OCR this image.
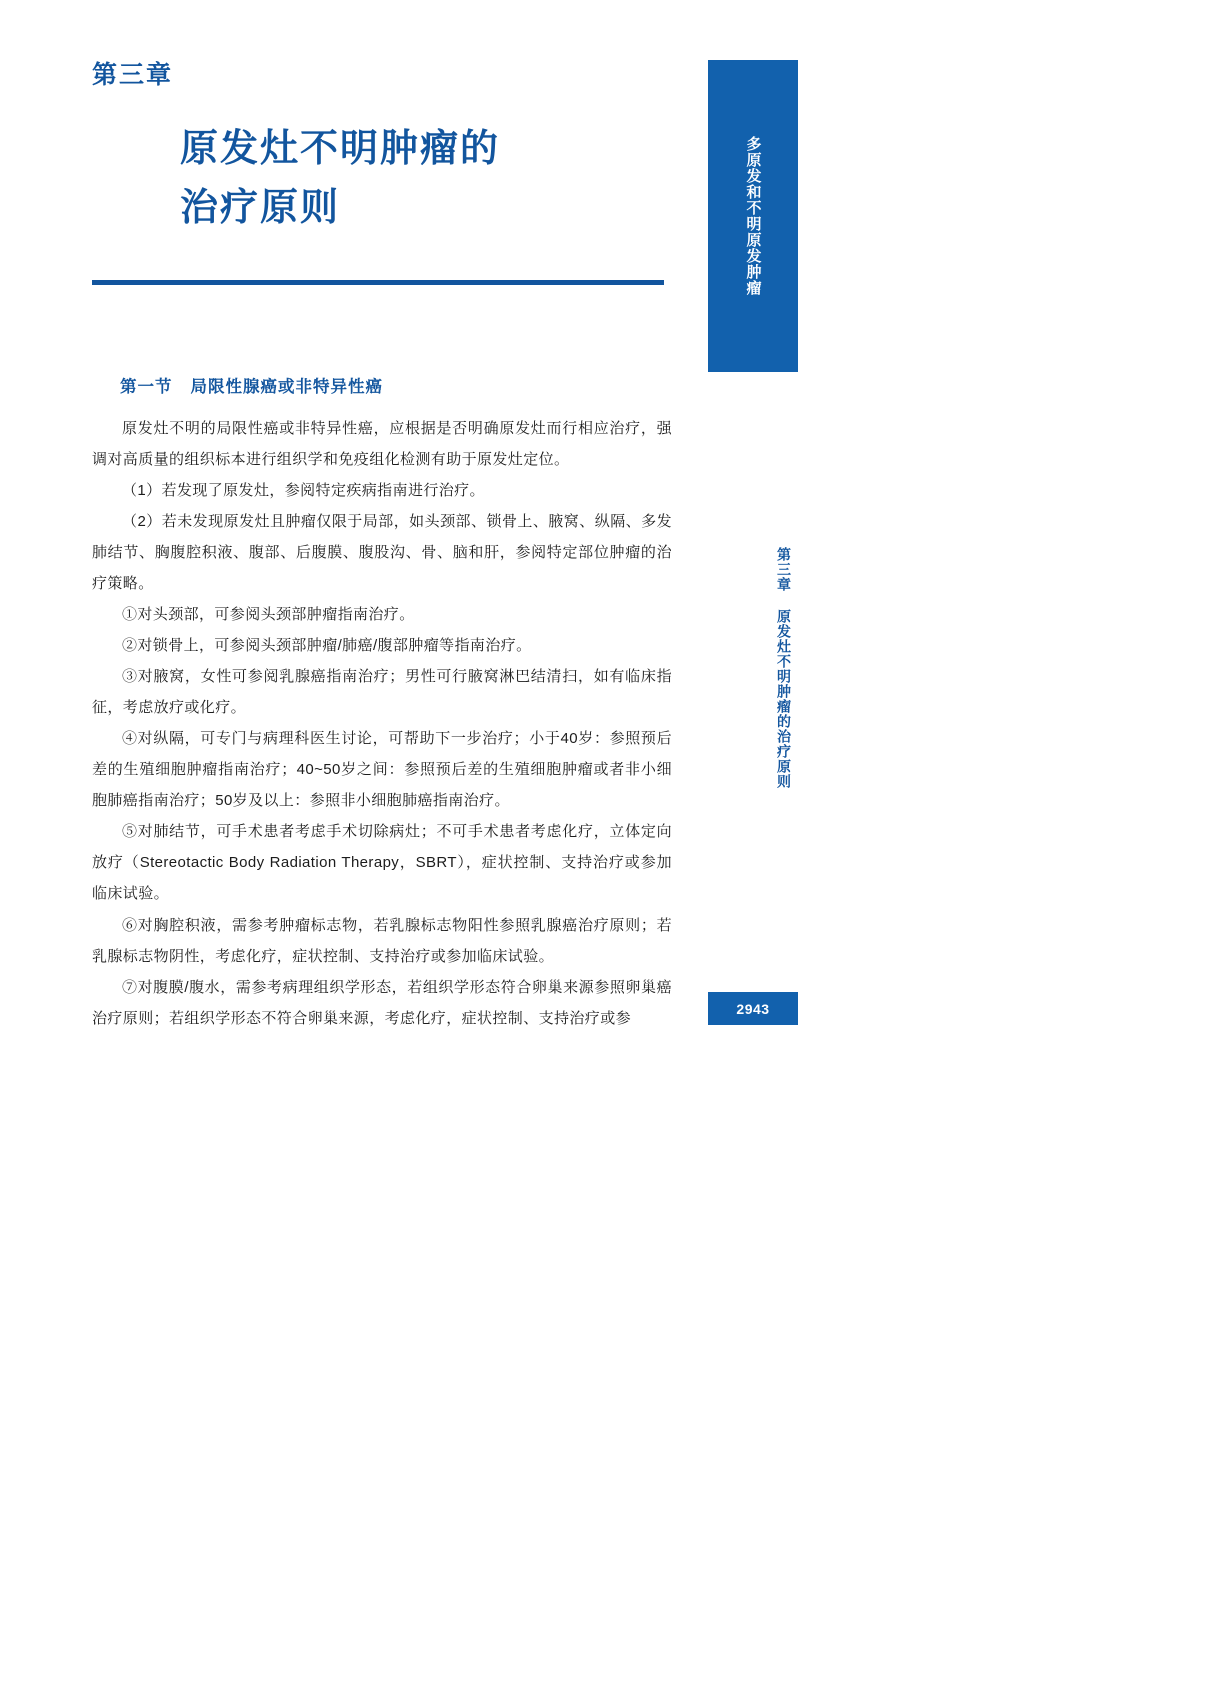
第三章
原发灶不明肿瘤的
治疗原则
第一节 局限性腺癌或非特异性癌

原发灶不明的局限性癌或非特异性癌，应根据是否明确原发灶而行相应治疗，强调对高质量的组织标本进行组织学和免疫组化检测有助于原发灶定位。

（1）若发现了原发灶，参阅特定疾病指南进行治疗。

（2）若未发现原发灶且肿瘤仅限于局部，如头颈部、锁骨上、腋窝、纵隔、多发肺结节、胸腹腔积液、腹部、后腹膜、腹股沟、骨、脑和肝，参阅特定部位肿瘤的治疗策略。

①对头颈部，可参阅头颈部肿瘤指南治疗。

②对锁骨上，可参阅头颈部肿瘤/肺癌/腹部肿瘤等指南治疗。

③对腋窝，女性可参阅乳腺癌指南治疗；男性可行腋窝淋巴结清扫，如有临床指征，考虑放疗或化疗。

④对纵隔，可专门与病理科医生讨论，可帮助下一步治疗；小于40岁：参照预后差的生殖细胞肿瘤指南治疗；40~50岁之间：参照预后差的生殖细胞肿瘤或者非小细胞肺癌指南治疗；50岁及以上：参照非小细胞肺癌指南治疗。

⑤对肺结节，可手术患者考虑手术切除病灶；不可手术患者考虑化疗，立体定向放疗（Stereotactic Body Radiation Therapy，SBRT），症状控制、支持治疗或参加临床试验。

⑥对胸腔积液，需参考肿瘤标志物，若乳腺标志物阳性参照乳腺癌治疗原则；若乳腺标志物阴性，考虑化疗，症状控制、支持治疗或参加临床试验。

⑦对腹膜/腹水，需参考病理组织学形态，若组织学形态符合卵巢来源参照卵巢癌治疗原则；若组织学形态不符合卵巢来源，考虑化疗，症状控制、支持治疗或参

多原发和不明原发肿瘤
第三章 原发灶不明肿瘤的治疗原则
2943
